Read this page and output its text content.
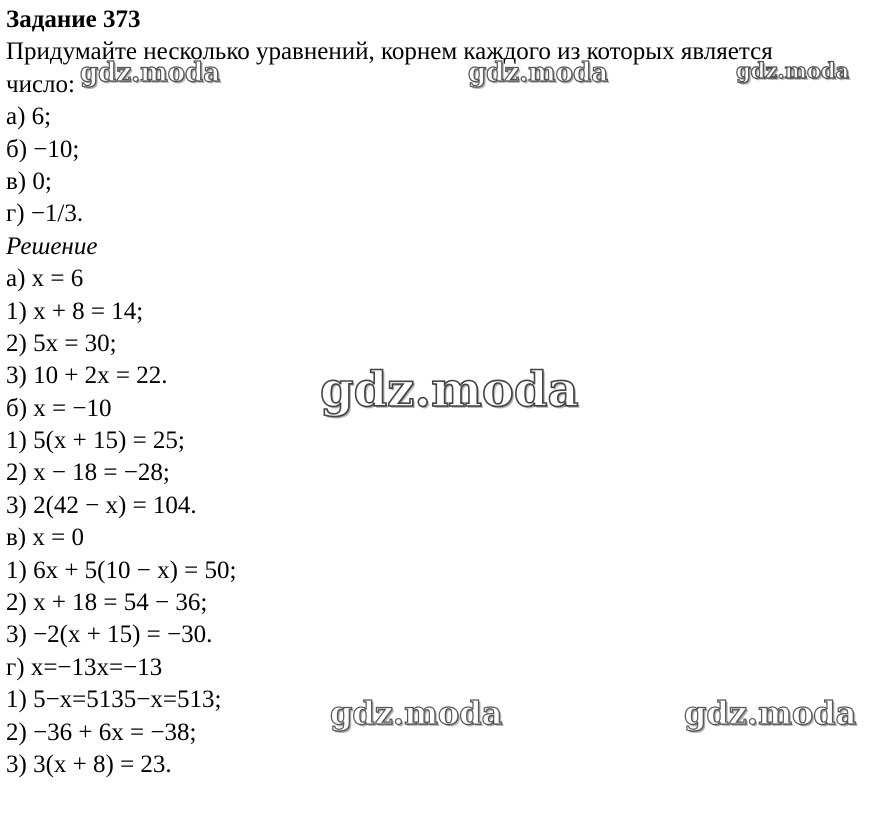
Задание 373
Придумайте несколько уравнений, корнем каждого из которых является
число:
а) 6;
б) −10;
в) 0;
г) −1/3.
Решение
а) x = 6
1) x + 8 = 14;
2) 5x = 30;
3) 10 + 2x = 22.
б) x = −10
1) 5(x + 15) = 25;
2) x − 18 = −28;
3) 2(42 − x) = 104.
в) x = 0
1) 6x + 5(10 − x) = 50;
2) x + 18 = 54 − 36;
3) −2(x + 15) = −30.
г) x=−13x=−13
1) 5−x=5135−x=513;
2) −36 + 6x = −38;
3) 3(x + 8) = 23.
gdz.moda	gdz.moda	gdz.moda
gdz.moda
gdz.moda	gdz.moda
